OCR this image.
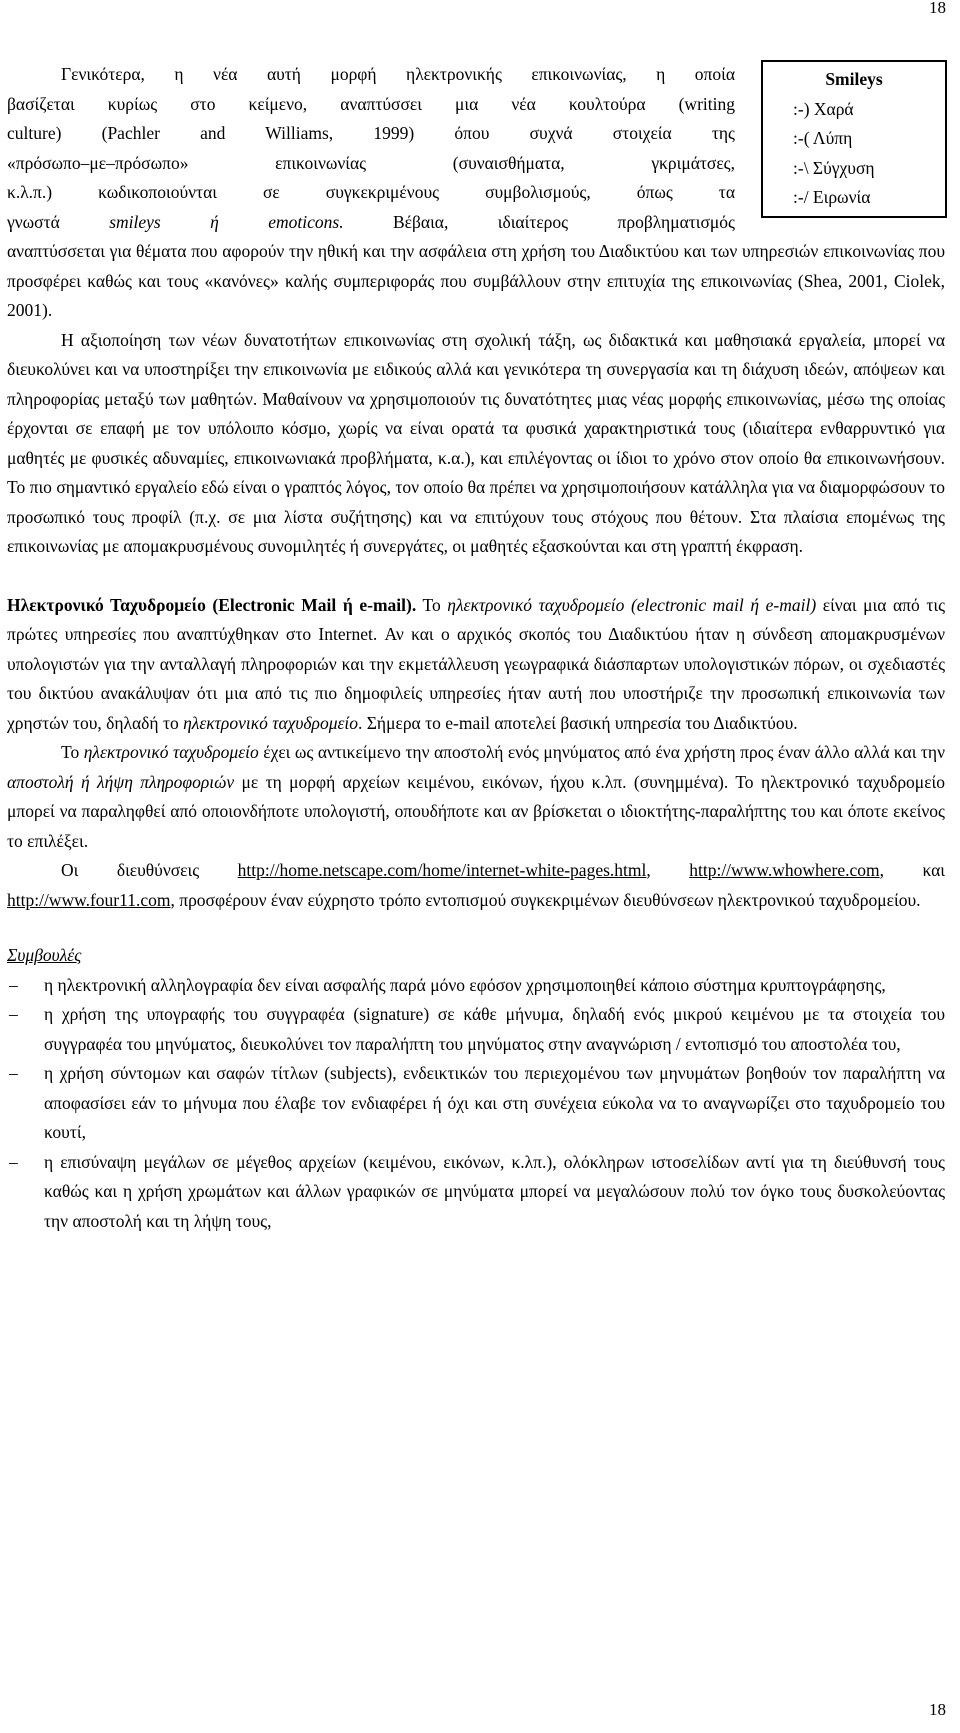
18
Smileys
:-) Χαρά
:-( Λύπη
:-\ Σύγχυση
:-/ Ειρωνία
Γενικότερα, η νέα αυτή μορφή ηλεκτρονικής επικοινωνίας, η οποία
βασίζεται κυρίως στο κείμενο, αναπτύσσει μια νέα κουλτούρα (writing
culture) (Pachler and Williams, 1999) όπου συχνά στοιχεία της
«πρόσωπο–με–πρόσωπο» επικοινωνίας (συναισθήματα, γκριμάτσες,
κ.λ.π.) κωδικοποιούνται σε συγκεκριμένους συμβολισμούς, όπως τα
γνωστά smileys ή emoticons. Βέβαια, ιδιαίτερος προβληματισμός
αναπτύσσεται για θέματα που αφορούν την ηθική και την ασφάλεια στη χρήση του Διαδικτύου και των υπηρεσιών επικοινωνίας που προσφέρει καθώς και τους «κανόνες» καλής συμπεριφοράς που συμβάλλουν στην επιτυχία της επικοινωνίας (Shea, 2001, Ciolek, 2001).

Η αξιοποίηση των νέων δυνατοτήτων επικοινωνίας στη σχολική τάξη, ως διδακτικά και μαθησιακά εργαλεία, μπορεί να διευκολύνει και να υποστηρίξει την επικοινωνία με ειδικούς αλλά και γενικότερα τη συνεργασία και τη διάχυση ιδεών, απόψεων και πληροφορίας μεταξύ των μαθητών. Μαθαίνουν να χρησιμοποιούν τις δυνατότητες μιας νέας μορφής επικοινωνίας, μέσω της οποίας έρχονται σε επαφή με τον υπόλοιπο κόσμο, χωρίς να είναι ορατά τα φυσικά χαρακτηριστικά τους (ιδιαίτερα ενθαρρυντικό για μαθητές με φυσικές αδυναμίες, επικοινωνιακά προβλήματα, κ.α.), και επιλέγοντας οι ίδιοι το χρόνο στον οποίο θα επικοινωνήσουν. Το πιο σημαντικό εργαλείο εδώ είναι ο γραπτός λόγος, τον οποίο θα πρέπει να χρησιμοποιήσουν κατάλληλα για να διαμορφώσουν το προσωπικό τους προφίλ (π.χ. σε μια λίστα συζήτησης) και να επιτύχουν τους στόχους που θέτουν. Στα πλαίσια επομένως της επικοινωνίας με απομακρυσμένους συνομιλητές ή συνεργάτες, οι μαθητές εξασκούνται και στη γραπτή έκφραση.

Ηλεκτρονικό Ταχυδρομείο (Electronic Mail ή e-mail). Το ηλεκτρονικό ταχυδρομείο (electronic mail ή e-mail) είναι μια από τις πρώτες υπηρεσίες που αναπτύχθηκαν στο Internet. Αν και ο αρχικός σκοπός του Διαδικτύου ήταν η σύνδεση απομακρυσμένων υπολογιστών για την ανταλλαγή πληροφοριών και την εκμετάλλευση γεωγραφικά διάσπαρτων υπολογιστικών πόρων, οι σχεδιαστές του δικτύου ανακάλυψαν ότι μια από τις πιο δημοφιλείς υπηρεσίες ήταν αυτή που υποστήριζε την προσωπική επικοινωνία των χρηστών του, δηλαδή το ηλεκτρονικό ταχυδρομείο. Σήμερα το e-mail αποτελεί βασική υπηρεσία του Διαδικτύου.

Το ηλεκτρονικό ταχυδρομείο έχει ως αντικείμενο την αποστολή ενός μηνύματος από ένα χρήστη προς έναν άλλο αλλά και την αποστολή ή λήψη πληροφοριών με τη μορφή αρχείων κειμένου, εικόνων, ήχου κ.λπ. (συνημμένα). Το ηλεκτρονικό ταχυδρομείο μπορεί να παραληφθεί από οποιονδήποτε υπολογιστή, οπουδήποτε και αν βρίσκεται ο ιδιοκτήτης-παραλήπτης του και όποτε εκείνος το επιλέξει.

Οι διευθύνσεις http://home.netscape.com/home/internet-white-pages.html, http://www.whowhere.com, και http://www.four11.com, προσφέρουν έναν εύχρηστο τρόπο εντοπισμού συγκεκριμένων διευθύνσεων ηλεκτρονικού ταχυδρομείου.

Συμβουλές

– η ηλεκτρονική αλληλογραφία δεν είναι ασφαλής παρά μόνο εφόσον χρησιμοποιηθεί κάποιο σύστημα κρυπτογράφησης,
– η χρήση της υπογραφής του συγγραφέα (signature) σε κάθε μήνυμα, δηλαδή ενός μικρού κειμένου με τα στοιχεία του συγγραφέα του μηνύματος, διευκολύνει τον παραλήπτη του μηνύματος στην αναγνώριση / εντοπισμό του αποστολέα του,
– η χρήση σύντομων και σαφών τίτλων (subjects), ενδεικτικών του περιεχομένου των μηνυμάτων βοηθούν τον παραλήπτη να αποφασίσει εάν το μήνυμα που έλαβε τον ενδιαφέρει ή όχι και στη συνέχεια εύκολα να το αναγνωρίζει στο ταχυδρομείο του κουτί,
– η επισύναψη μεγάλων σε μέγεθος αρχείων (κειμένου, εικόνων, κ.λπ.), ολόκληρων ιστοσελίδων αντί για τη διεύθυνσή τους καθώς και η χρήση χρωμάτων και άλλων γραφικών σε μηνύματα μπορεί να μεγαλώσουν πολύ τον όγκο τους δυσκολεύοντας την αποστολή και τη λήψη τους,
18
